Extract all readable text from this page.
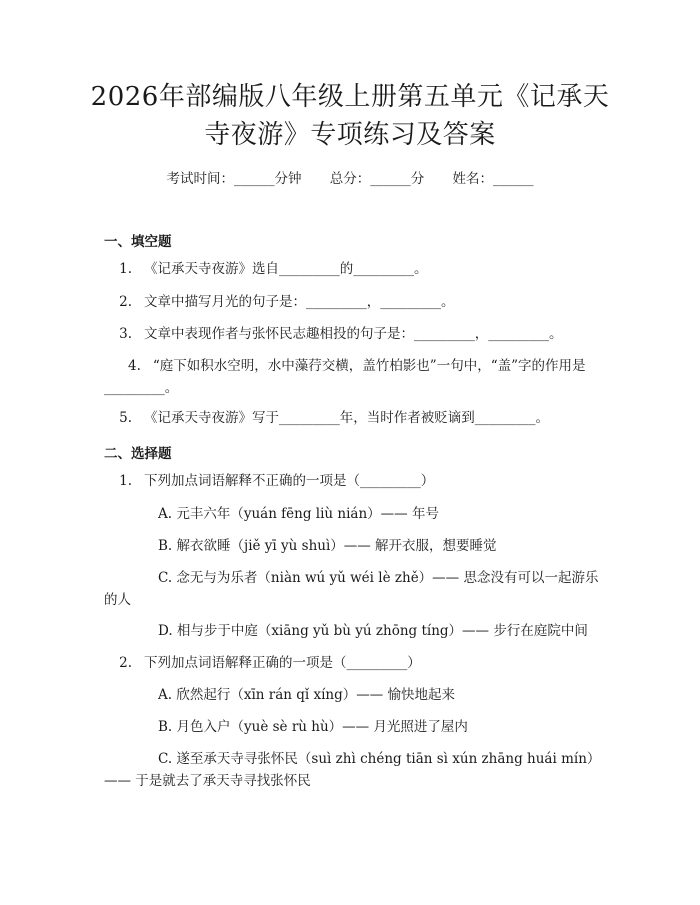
2026年部编版八年级上册第五单元《记承天
寺夜游》专项练习及答案
考试时间：______分钟 总分：______分 姓名：______
一、填空题
1. 《记承天寺夜游》选自_________的_________。
2. 文章中描写月光的句子是：_________，_________。
3. 文章中表现作者与张怀民志趣相投的句子是：_________，_________。
4. “庭下如积水空明，水中藻荇交横，盖竹柏影也”一句中，“盖”字的作用是_________。
5. 《记承天寺夜游》写于_________年，当时作者被贬谪到_________。
二、选择题
1. 下列加点词语解释不正确的一项是（_________）
A. 元丰六年（yuán fēng liù nián）—— 年号
B. 解衣欲睡（jiě yī yù shuì）—— 解开衣服，想要睡觉
C. 念无与为乐者（niàn wú yǔ wéi lè zhě）—— 思念没有可以一起游乐的人
D. 相与步于中庭（xiāng yǔ bù yú zhōng tíng）—— 步行在庭院中间
2. 下列加点词语解释正确的一项是（_________）
A. 欣然起行（xīn rán qǐ xíng）—— 愉快地起来
B. 月色入户（yuè sè rù hù）—— 月光照进了屋内
C. 遂至承天寺寻张怀民（suì zhì chéng tiān sì xún zhāng huái mín）—— 于是就去了承天寺寻找张怀民
